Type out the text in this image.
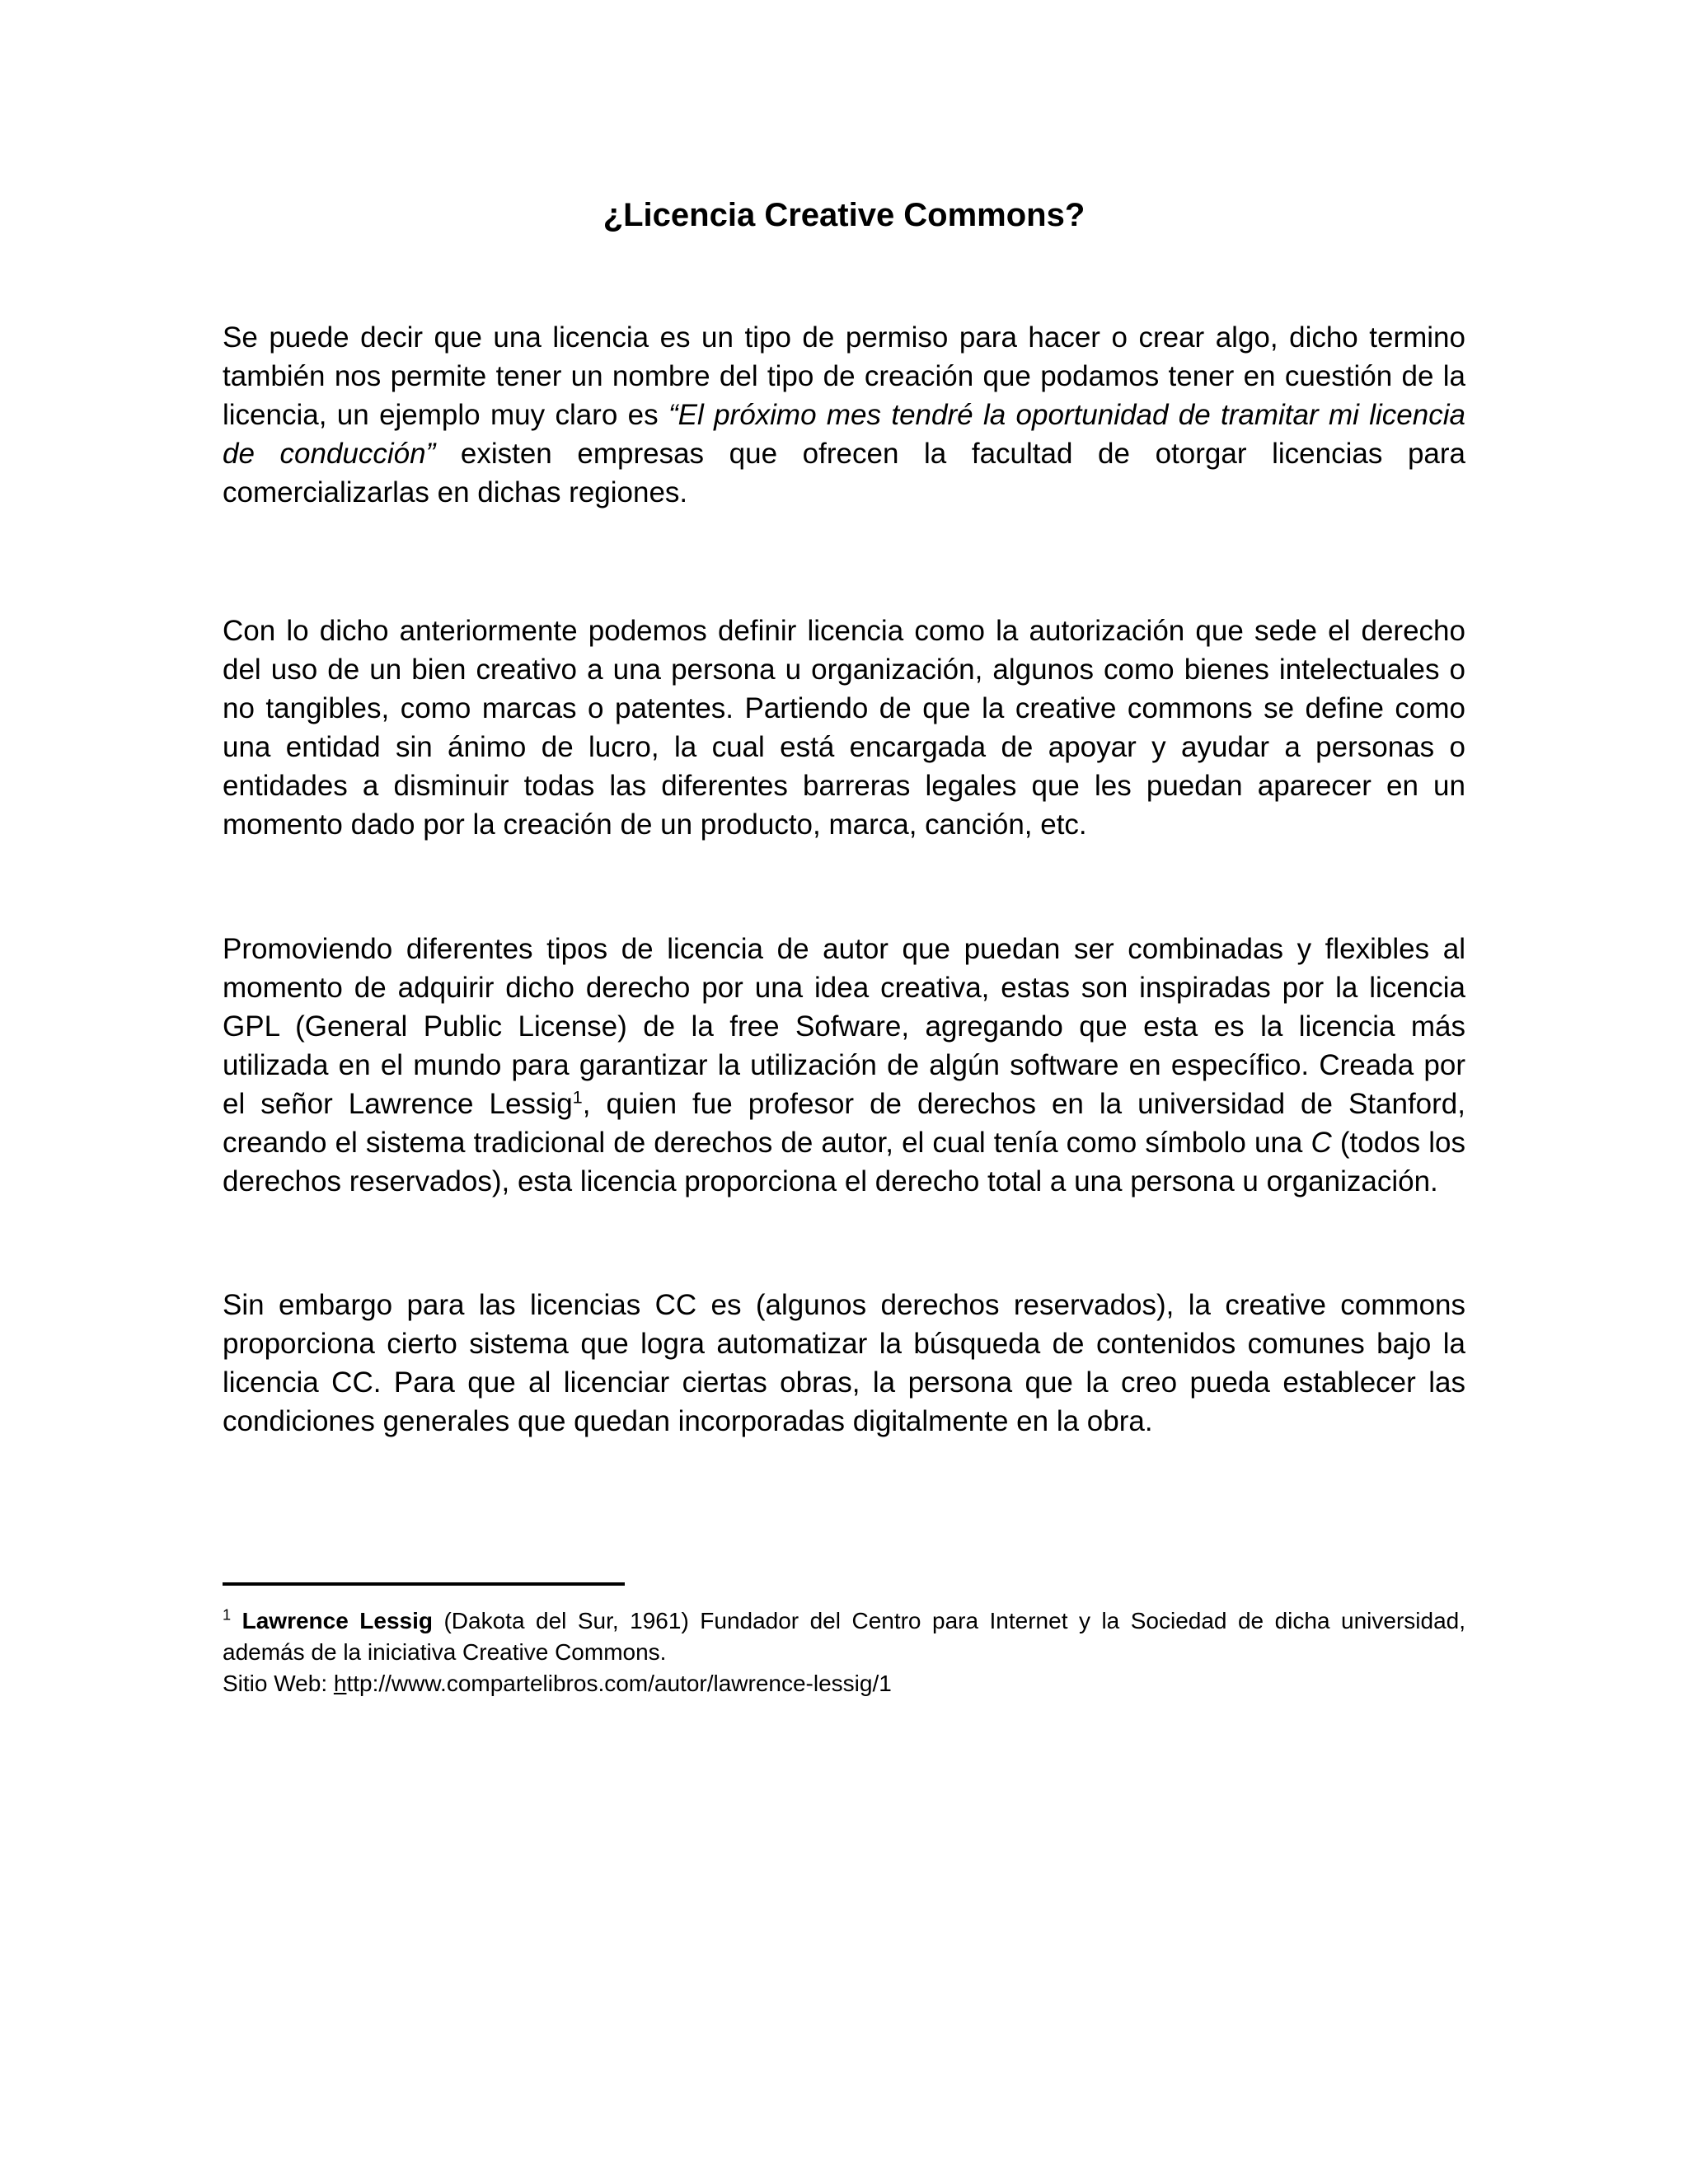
¿Licencia Creative Commons?

Se puede decir que una licencia es un tipo de permiso para hacer o crear algo, dicho termino también nos permite tener un nombre del tipo de creación que podamos tener en cuestión de la licencia, un ejemplo muy claro es “El próximo mes tendré la oportunidad de tramitar mi licencia de conducción” existen empresas que ofrecen la facultad de otorgar licencias para comercializarlas en dichas regiones.

Con lo dicho anteriormente podemos definir licencia como la autorización que sede el derecho del uso de un bien creativo a una persona u organización, algunos como bienes intelectuales o no tangibles, como marcas o patentes. Partiendo de que la creative commons se define como una entidad sin ánimo de lucro, la cual está encargada de apoyar y ayudar a personas o entidades a disminuir todas las diferentes barreras legales que les puedan aparecer en un momento dado por la creación de un producto, marca, canción, etc.

Promoviendo diferentes tipos de licencia de autor que puedan ser combinadas y flexibles al momento de adquirir dicho derecho por una idea creativa, estas son inspiradas por la licencia GPL (General Public License) de la free Sofware, agregando que esta es la licencia más utilizada en el mundo para garantizar la utilización de algún software en específico. Creada por el señor Lawrence Lessig$^1$, quien fue profesor de derechos en la universidad de Stanford, creando el sistema tradicional de derechos de autor, el cual tenía como símbolo una C (todos los derechos reservados), esta licencia proporciona el derecho total a una persona u organización.

Sin embargo para las licencias CC es (algunos derechos reservados), la creative commons proporciona cierto sistema que logra automatizar la búsqueda de contenidos comunes bajo la licencia CC. Para que al licenciar ciertas obras, la persona que la creo pueda establecer las condiciones generales que quedan incorporadas digitalmente en la obra.

$^1$ Lawrence Lessig (Dakota del Sur, 1961) Fundador del Centro para Internet y la Sociedad de dicha universidad, además de la iniciativa Creative Commons.

Sitio Web: http://www.compartelibros.com/autor/lawrence-lessig/1
